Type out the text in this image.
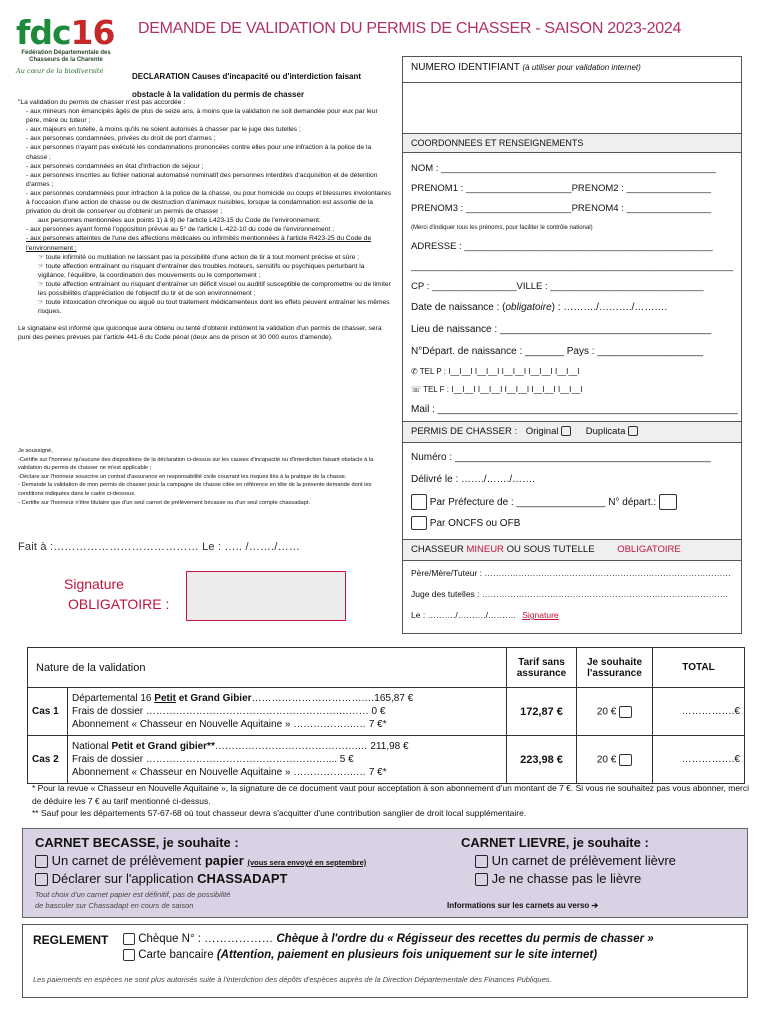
fdc16
Fédération Départementale des Chasseurs de la Charente
Au cœur de la biodiversité
DEMANDE DE VALIDATION DU PERMIS DE CHASSER - SAISON 2023-2024
DECLARATION Causes d'incapacité ou d'interdiction faisant obstacle à la validation du permis de chasser

"La validation du permis de chasser n'est pas accordée :

- aux mineurs non émancipés âgés de plus de seize ans, à moins que la validation ne soit demandée pour eux par leur père, mère ou tuteur ;

- aux majeurs en tutelle, à moins qu'ils ne soient autorisés à chasser par le juge des tutelles ;

- aux personnes condamnées, privées du droit de port d'armes ;

- aux personnes n'ayant pas exécuté les condamnations prononcées contre elles pour une infraction à la police de la chasse ;

- aux personnes condamnées en état d'infraction de séjour ;

- aux personnes inscrites au fichier national automatisé nominatif des personnes interdites d'acquisition et de détention d'armes ;

- aux personnes condamnées pour infraction à la police de la chasse, ou pour homicide ou coups et blessures involontaires à l'occasion d'une action de chasse ou de destruction d'animaux nuisibles, lorsque la condamnation est assortie de la privation du droit de conserver ou d'obtenir un permis de chasser ;

aux personnes mentionnées aux points 1) à 9) de l'article L423-15 du Code de l'environnement.

- aux personnes ayant formé l'opposition prévue au 5° de l'article L-422-10 du code de l'environnement ;

- aux personnes atteintes de l'une des affections médicales ou infirmités mentionnées à l'article R423-25 du Code de l'environnement :

☞ toute infirmité ou mutilation ne laissant pas la possibilité d'une action de tir à tout moment précise et sûre ;

☞ toute affection entraînant ou risquant d'entraîner des troubles moteurs, sensitifs ou psychiques perturbant la vigilance, l'équilibre, la coordination des mouvements ou le comportement ;

☞ toute affection entraînant ou risquant d'entraîner un déficit visuel ou auditif susceptible de compromettre ou de limiter les possibilités d'appréciation de l'objectif du tir et de son environnement ;

☞ toute intoxication chronique ou aiguë ou tout traitement médicamenteux dont les effets peuvent entraîner les mêmes risques.

Le signataire est informé que quiconque aura obtenu ou tenté d'obtenir indûment la validation d'un permis de chasser, sera puni des peines prévues par l'article 441-6 du Code pénal (deux ans de prison et 30 000 euros d'amende).

Je soussigné,

-Certifie sur l'honneur qu'aucune des dispositions de la déclaration ci-dessus sur les causes d'incapacité ou d'interdiction faisant obstacle à la validation du permis de chasser ne m'est applicable ;

-Déclare sur l'honneur souscrire un contrat d'assurance en responsabilité civile couvrant les risques liés à la pratique de la chasse.

- Demande la validation de mon permis de chasser pour la campagne de chasse citée en référence en tête de la présente demande dont les conditions indiquées dans le cadre ci-dessous.

- Certifie sur l'honneur n'être titulaire que d'un seul carnet de prélèvement bécasse ou d'un seul compte chassadapt.

Fait à :………………………………… Le : ….. /……./……
Signature
OBLIGATOIRE :
NUMERO IDENTIFIANT (à utiliser pour validation internet)
COORDONNEES ET RENSEIGNEMENTS
NOM : ____________________________________________________
PRENOM1 : ____________________PRENOM2 : ________________
PRENOM3 : ____________________PRENOM4 : ________________
(Merci d'indiquer tous les prénoms, pour faciliter le contrôle national)
ADRESSE : _______________________________________________
_____________________________________________________________
CP : ________________VILLE : _____________________________
Date de naissance : (obligatoire) : ………./………./……….
Lieu de naissance : ______________________________________
N°Départ. de naissance : _______ Pays : ___________________
✆ TEL P : I__I__I I__I__I I__I__I I__I__I I__I__I
☏ TEL F : I__I__I I__I__I I__I__I I__I__I I__I__I
Mail : ______________________________________________________
PERMIS DE CHASSER : Original	Duplicata
Numéro : ______________________________________________
Délivré le : ……./……./…….
Par Préfecture de : ________________ N° départ.:
Par ONCFS ou OFB
CHASSEUR MINEUR OU SOUS TUTELLE OBLIGATOIRE
Père/Mère/Tuteur : ……………………………………………………………………………
Juge des tutelles : ……………………………………………………………………………
Le : ………./………./………. Signature
Nature de la validation		Tarif sans assurance	Je souhaite l'assurance	TOTAL
Cas 1	Départemental 16 Petit et Grand Gibier…………………………….…165,87 €
Frais de dossier ………………………………………………….……… 0 €
Abonnement « Chasseur en Nouvelle Aquitaine » ……………….… 7 €*	172,87 €	20 €	…………….€
Cas 2	National Petit et Grand gibier**…………………………………….… 211,98 €
Frais de dossier ……………………………………………….... 5 €
Abonnement « Chasseur en Nouvelle Aquitaine » ……………….… 7 €*	223,98 €	20 €	…………….€
* Pour la revue « Chasseur en Nouvelle Aquitaine », la signature de ce document vaut pour acceptation à son abonnement d'un montant de 7 €. Si vous ne souhaitez pas vous abonner, merci de déduire les 7 € au tarif mentionné ci-dessus.
** Sauf pour les départements 57-67-68 où tout chasseur devra s'acquitter d'une contribution sanglier de droit local supplémentaire.
CARNET BECASSE, je souhaite :
Un carnet de prélèvement papier (vous sera envoyé en septembre)
Déclarer sur l'application CHASSADAPT
Tout choix d'un carnet papier est définitif, pas de possibilité
de basculer sur Chassadapt en cours de saison
CARNET LIEVRE, je souhaite :
Un carnet de prélèvement lièvre
Je ne chasse pas le lièvre
Informations sur les carnets au verso ➔
REGLEMENT	Chèque N° : ……………… Chèque à l'ordre du « Régisseur des recettes du permis de chasser »
Carte bancaire (Attention, paiement en plusieurs fois uniquement sur le site internet)
Les paiements en espèces ne sont plus autorisés suite à l'interdiction des dépôts d'espèces auprès de la Direction Départementale des Finances Publiques.
